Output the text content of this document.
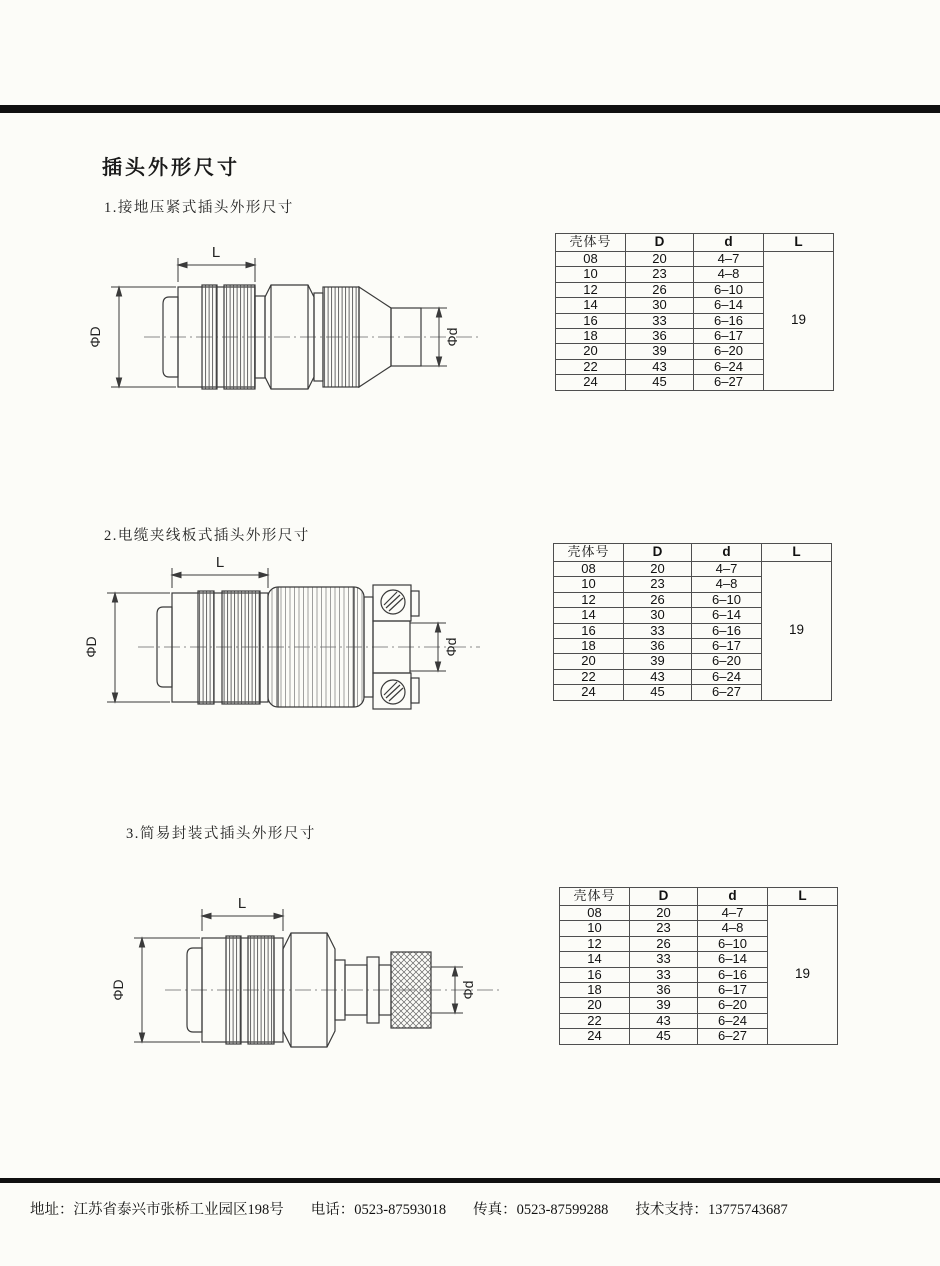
插头外形尺寸
1.接地压紧式插头外形尺寸
L
ΦD	Φd
壳体号	D	d	L
08	20	4–7	19
10	23	4–8	
12	26	6–10	
14	30	6–14	
16	33	6–16	
18	36	6–17	
20	39	6–20	
22	43	6–24	
24	45	6–27	
2.电缆夹线板式插头外形尺寸
L
ΦD	Φd
壳体号	D	d	L
08	20	4–7	19
10	23	4–8	
12	26	6–10	
14	30	6–14	
16	33	6–16	
18	36	6–17	
20	39	6–20	
22	43	6–24	
24	45	6–27	
3.简易封装式插头外形尺寸
L
ΦD	Φd
壳体号	D	d	L
08	20	4–7	19
10	23	4–8	
12	26	6–10	
14	33	6–14	
16	33	6–16	
18	36	6–17	
20	39	6–20	
22	43	6–24	
24	45	6–27	
地址：江苏省泰兴市张桥工业园区198号 电话：0523-87593018 传真：0523-87599288 技术支持：13775743687
